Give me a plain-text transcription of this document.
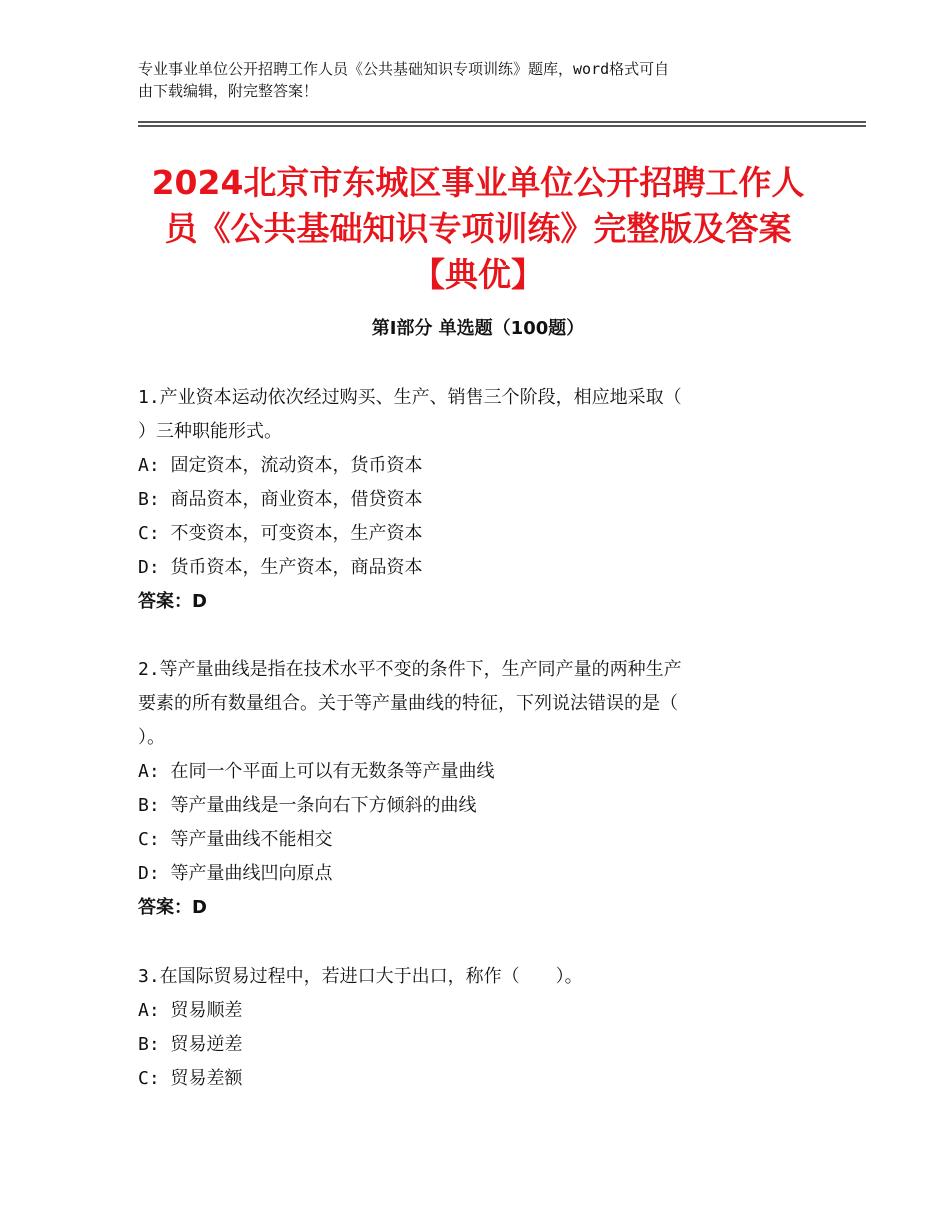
专业事业单位公开招聘工作人员《公共基础知识专项训练》题库，word格式可自
由下载编辑，附完整答案！
2024北京市东城区事业单位公开招聘工作人
员《公共基础知识专项训练》完整版及答案
【典优】
第Ⅰ部分 单选题（100题）
1.产业资本运动依次经过购买、生产、销售三个阶段，相应地采取（
）三种职能形式。
A: 固定资本，流动资本，货币资本
B: 商品资本，商业资本，借贷资本
C: 不变资本，可变资本，生产资本
D: 货币资本，生产资本，商品资本
答案：D
2.等产量曲线是指在技术水平不变的条件下，生产同产量的两种生产
要素的所有数量组合。关于等产量曲线的特征，下列说法错误的是（
）。
A: 在同一个平面上可以有无数条等产量曲线
B: 等产量曲线是一条向右下方倾斜的曲线
C: 等产量曲线不能相交
D: 等产量曲线凹向原点
答案：D
3.在国际贸易过程中，若进口大于出口，称作（　　）。
A: 贸易顺差
B: 贸易逆差
C: 贸易差额
